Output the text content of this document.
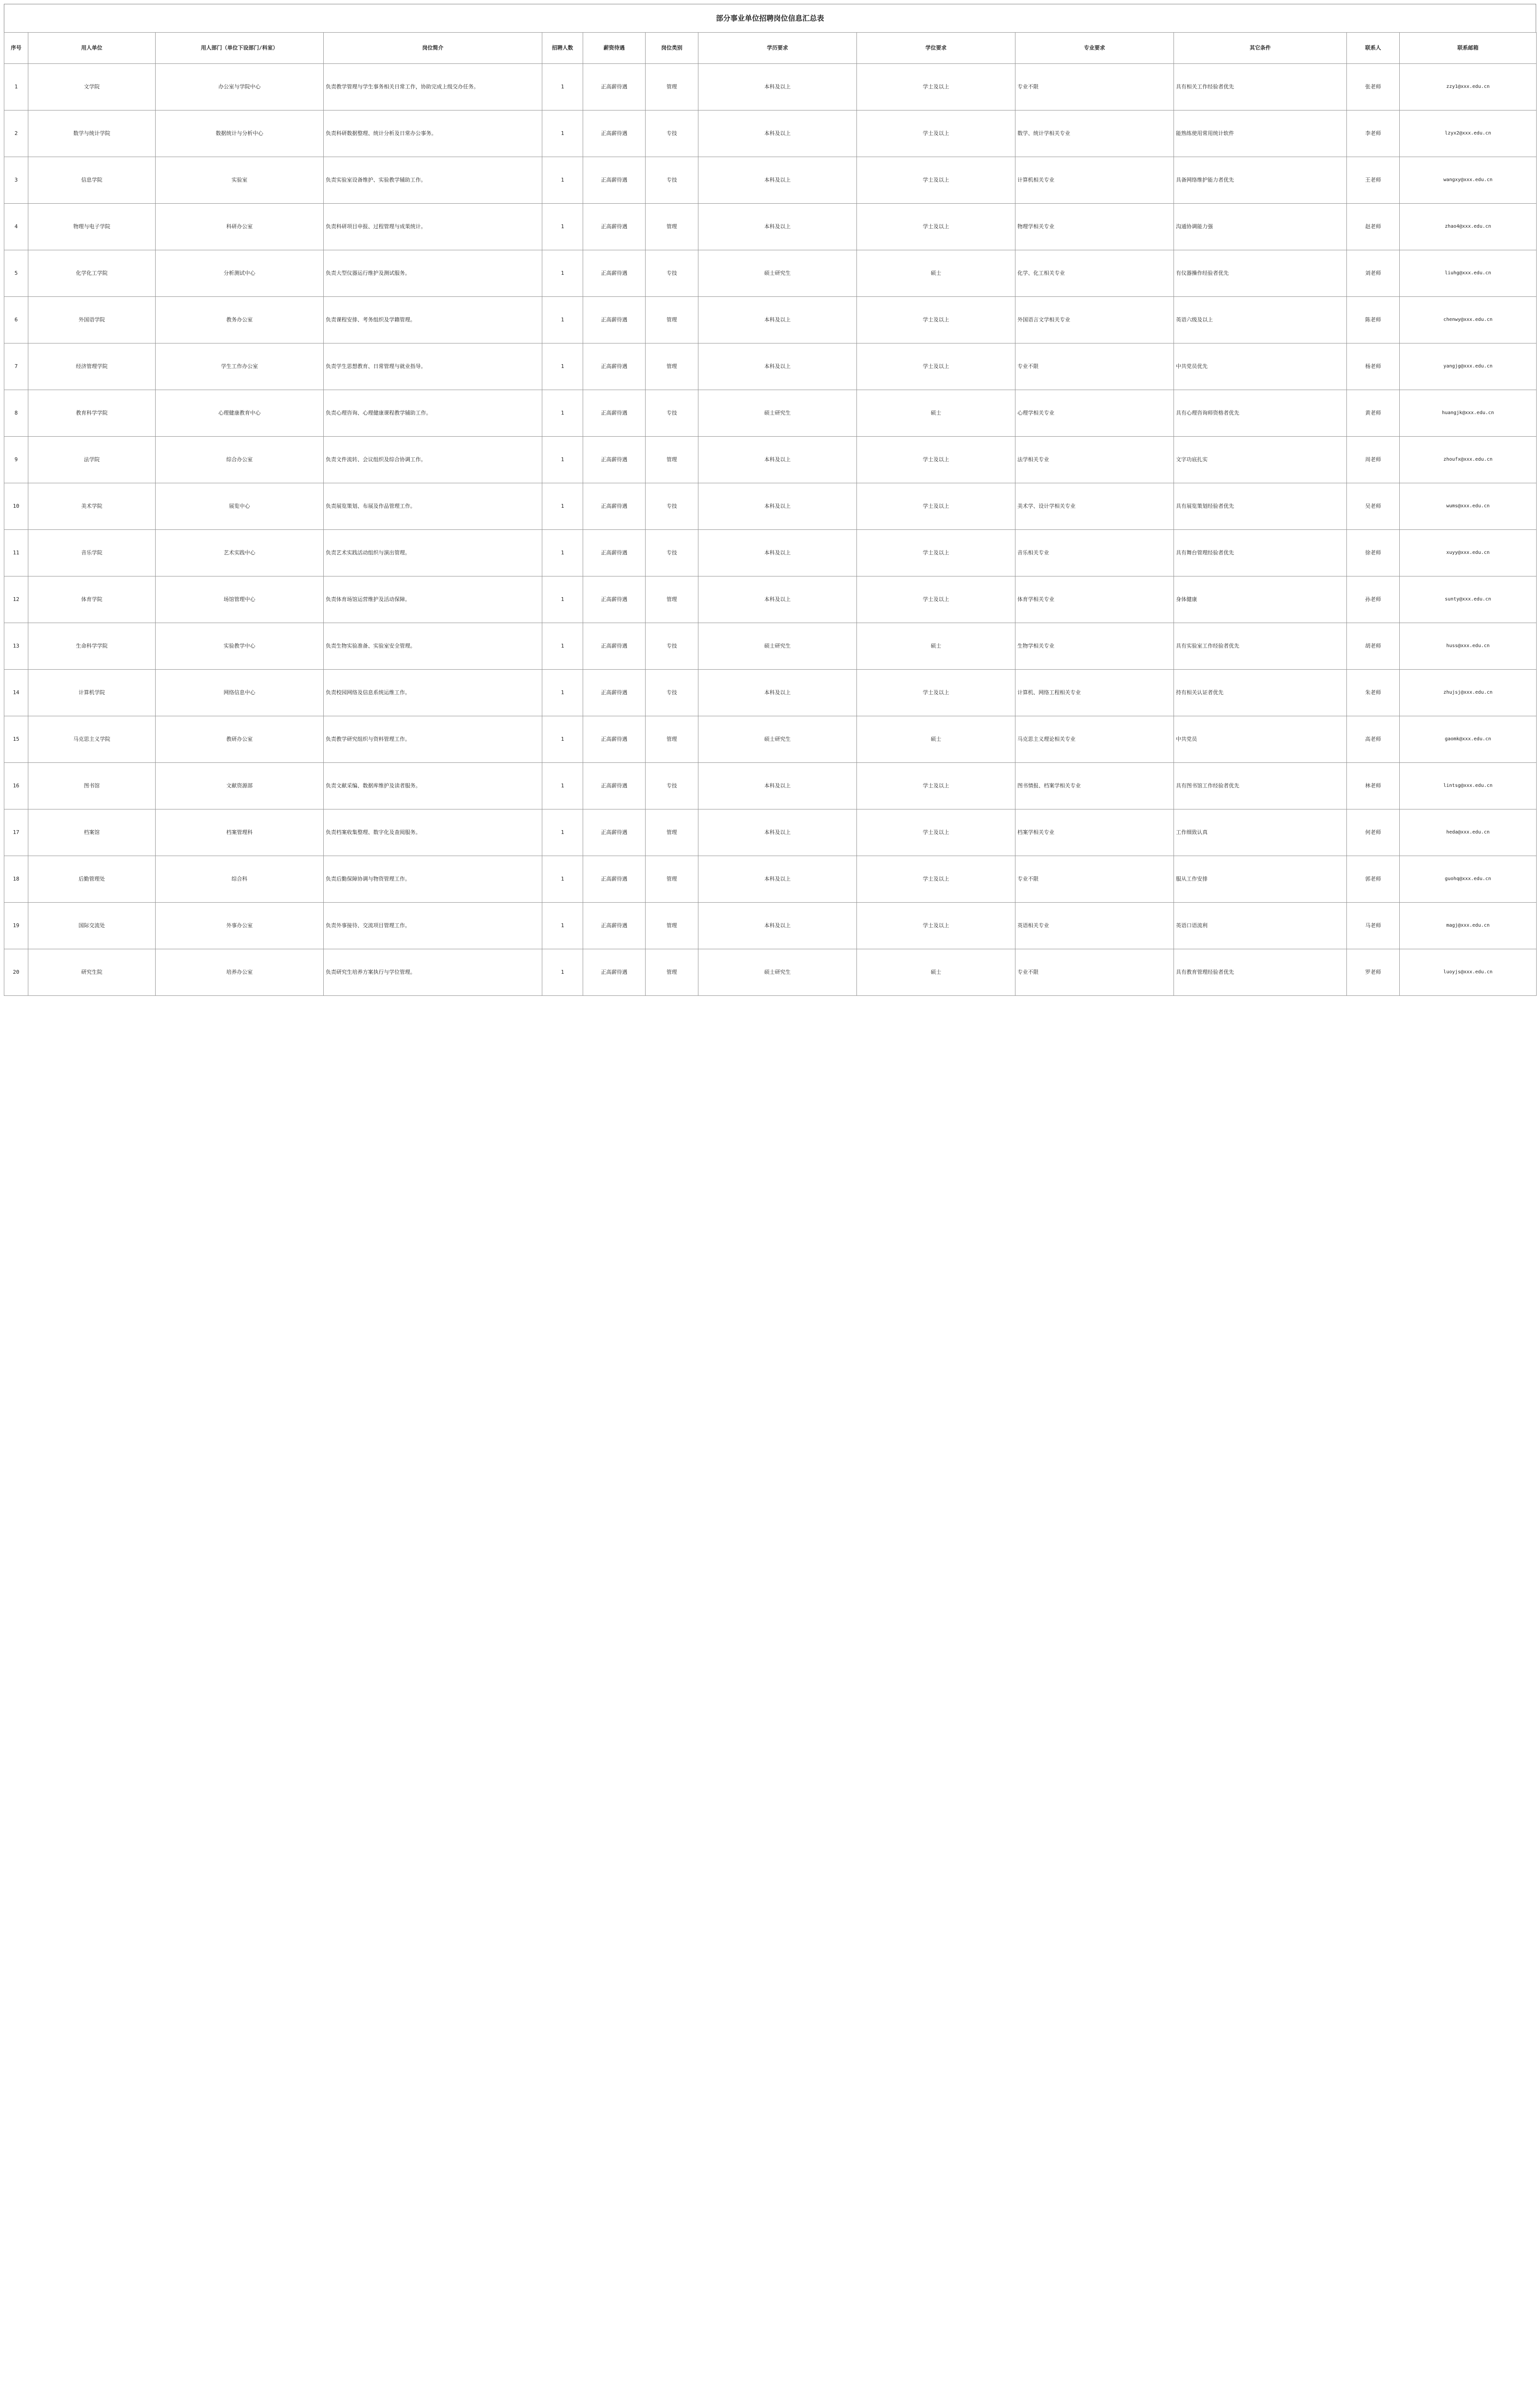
部分事业单位招聘岗位信息汇总表
序号	用人单位	用人部门（单位下设部门/科室）	岗位简介	招聘人数	薪资待遇	岗位类别	学历要求	学位要求	专业要求	其它条件	联系人	联系邮箱
1	文学院	办公室与学院中心	负责教学管理与学生事务相关日常工作，协助完成上级交办任务。	1	正高薪待遇	管理	本科及以上	学士及以上	专业不限	具有相关工作经验者优先	张老师	zzy1@xxx.edu.cn
2	数学与统计学院	数据统计与分析中心	负责科研数据整理、统计分析及日常办公事务。	1	正高薪待遇	专技	本科及以上	学士及以上	数学、统计学相关专业	能熟练使用常用统计软件	李老师	lzyx2@xxx.edu.cn
3	信息学院	实验室	负责实验室设备维护、实验教学辅助工作。	1	正高薪待遇	专技	本科及以上	学士及以上	计算机相关专业	具备网络维护能力者优先	王老师	wangxy@xxx.edu.cn
4	物理与电子学院	科研办公室	负责科研项目申报、过程管理与成果统计。	1	正高薪待遇	管理	本科及以上	学士及以上	物理学相关专业	沟通协调能力强	赵老师	zhao4@xxx.edu.cn
5	化学化工学院	分析测试中心	负责大型仪器运行维护及测试服务。	1	正高薪待遇	专技	硕士研究生	硕士	化学、化工相关专业	有仪器操作经验者优先	刘老师	liuhg@xxx.edu.cn
6	外国语学院	教务办公室	负责课程安排、考务组织及学籍管理。	1	正高薪待遇	管理	本科及以上	学士及以上	外国语言文学相关专业	英语六级及以上	陈老师	chenwy@xxx.edu.cn
7	经济管理学院	学生工作办公室	负责学生思想教育、日常管理与就业指导。	1	正高薪待遇	管理	本科及以上	学士及以上	专业不限	中共党员优先	杨老师	yangjg@xxx.edu.cn
8	教育科学学院	心理健康教育中心	负责心理咨询、心理健康课程教学辅助工作。	1	正高薪待遇	专技	硕士研究生	硕士	心理学相关专业	具有心理咨询师资格者优先	黄老师	huangjk@xxx.edu.cn
9	法学院	综合办公室	负责文件流转、会议组织及综合协调工作。	1	正高薪待遇	管理	本科及以上	学士及以上	法学相关专业	文字功底扎实	周老师	zhoufx@xxx.edu.cn
10	美术学院	展览中心	负责展览策划、布展及作品管理工作。	1	正高薪待遇	专技	本科及以上	学士及以上	美术学、设计学相关专业	具有展览策划经验者优先	吴老师	wums@xxx.edu.cn
11	音乐学院	艺术实践中心	负责艺术实践活动组织与演出管理。	1	正高薪待遇	专技	本科及以上	学士及以上	音乐相关专业	具有舞台管理经验者优先	徐老师	xuyy@xxx.edu.cn
12	体育学院	场馆管理中心	负责体育场馆运营维护及活动保障。	1	正高薪待遇	管理	本科及以上	学士及以上	体育学相关专业	身体健康	孙老师	sunty@xxx.edu.cn
13	生命科学学院	实验教学中心	负责生物实验准备、实验室安全管理。	1	正高薪待遇	专技	硕士研究生	硕士	生物学相关专业	具有实验室工作经验者优先	胡老师	huss@xxx.edu.cn
14	计算机学院	网络信息中心	负责校园网络及信息系统运维工作。	1	正高薪待遇	专技	本科及以上	学士及以上	计算机、网络工程相关专业	持有相关认证者优先	朱老师	zhujsj@xxx.edu.cn
15	马克思主义学院	教研办公室	负责教学研究组织与资料管理工作。	1	正高薪待遇	管理	硕士研究生	硕士	马克思主义理论相关专业	中共党员	高老师	gaomk@xxx.edu.cn
16	图书馆	文献资源部	负责文献采编、数据库维护及读者服务。	1	正高薪待遇	专技	本科及以上	学士及以上	图书情报、档案学相关专业	具有图书馆工作经验者优先	林老师	lintsg@xxx.edu.cn
17	档案馆	档案管理科	负责档案收集整理、数字化及查阅服务。	1	正高薪待遇	管理	本科及以上	学士及以上	档案学相关专业	工作细致认真	何老师	heda@xxx.edu.cn
18	后勤管理处	综合科	负责后勤保障协调与物资管理工作。	1	正高薪待遇	管理	本科及以上	学士及以上	专业不限	服从工作安排	郭老师	guohq@xxx.edu.cn
19	国际交流处	外事办公室	负责外事接待、交流项目管理工作。	1	正高薪待遇	管理	本科及以上	学士及以上	英语相关专业	英语口语流利	马老师	magj@xxx.edu.cn
20	研究生院	培养办公室	负责研究生培养方案执行与学位管理。	1	正高薪待遇	管理	硕士研究生	硕士	专业不限	具有教育管理经验者优先	罗老师	luoyjs@xxx.edu.cn
